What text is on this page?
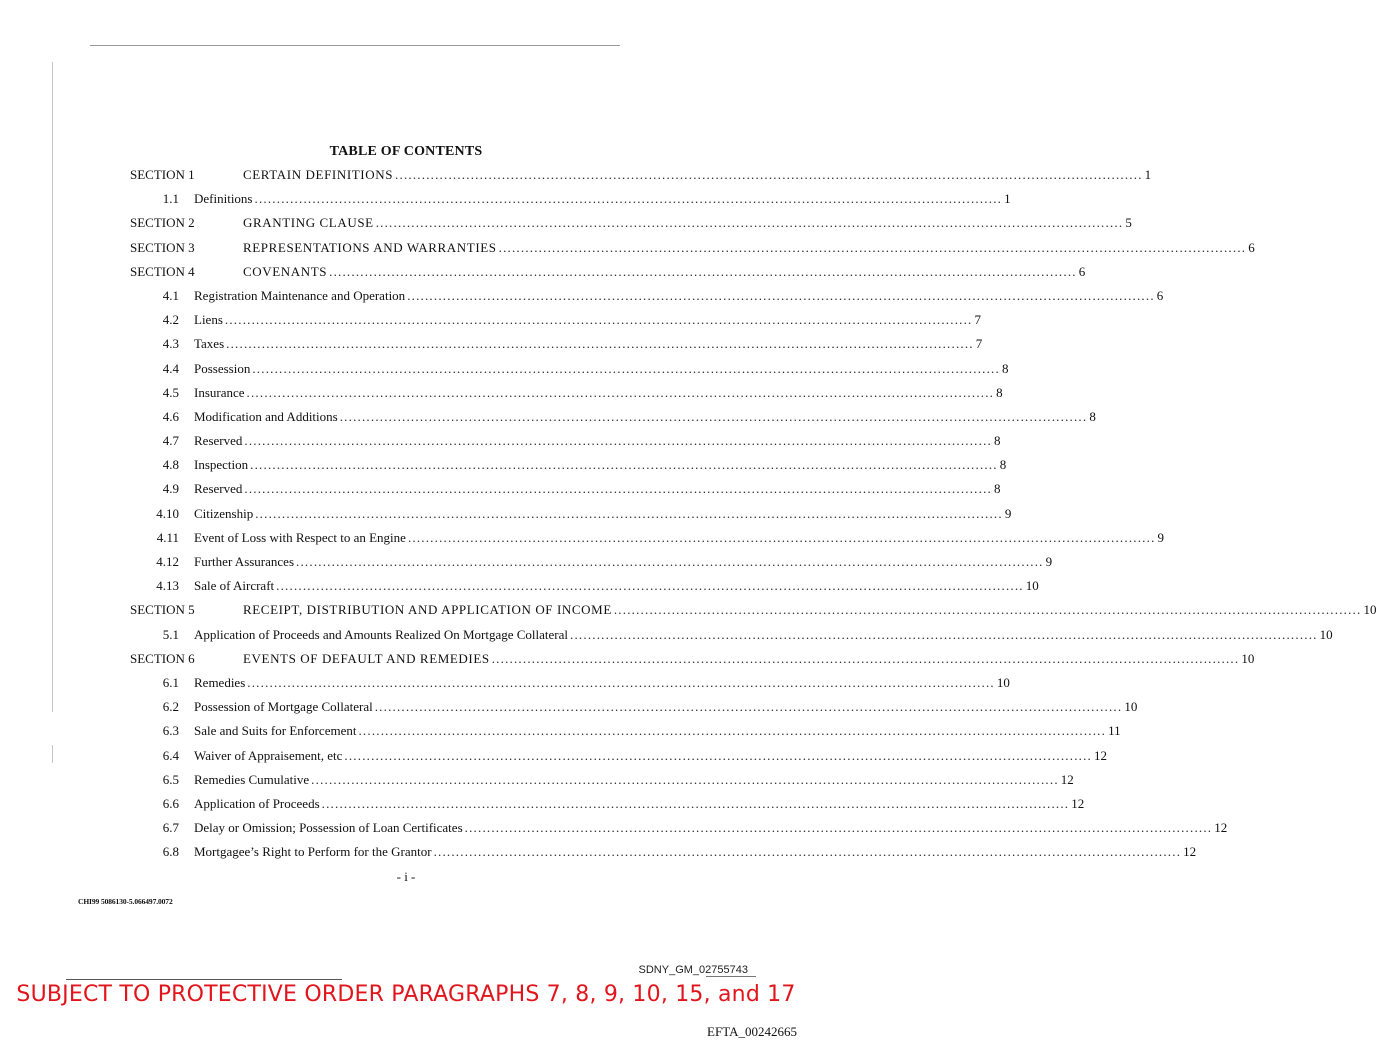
TABLE OF CONTENTS
SECTION 1	CERTAIN DEFINITIONS ........................................................................................................................................................................ 1
1.1 Definitions ........................................................................................................................................................................ 1
SECTION 2	GRANTING CLAUSE ........................................................................................................................................................................ 5
SECTION 3	REPRESENTATIONS AND WARRANTIES ........................................................................................................................................................................ 6
SECTION 4	COVENANTS ........................................................................................................................................................................ 6
4.1 Registration Maintenance and Operation ........................................................................................................................................................................ 6
4.2 Liens ........................................................................................................................................................................ 7
4.3 Taxes ........................................................................................................................................................................ 7
4.4 Possession ........................................................................................................................................................................ 8
4.5 Insurance ........................................................................................................................................................................ 8
4.6 Modification and Additions ........................................................................................................................................................................ 8
4.7 Reserved ........................................................................................................................................................................ 8
4.8 Inspection ........................................................................................................................................................................ 8
4.9 Reserved ........................................................................................................................................................................ 8
4.10 Citizenship ........................................................................................................................................................................ 9
4.11 Event of Loss with Respect to an Engine ........................................................................................................................................................................ 9
4.12 Further Assurances ........................................................................................................................................................................ 9
4.13 Sale of Aircraft ........................................................................................................................................................................ 10
SECTION 5	RECEIPT, DISTRIBUTION AND APPLICATION OF INCOME ........................................................................................................................................................................ 10
5.1 Application of Proceeds and Amounts Realized On Mortgage Collateral ........................................................................................................................................................................ 10
SECTION 6	EVENTS OF DEFAULT AND REMEDIES ........................................................................................................................................................................ 10
6.1 Remedies ........................................................................................................................................................................ 10
6.2 Possession of Mortgage Collateral ........................................................................................................................................................................ 10
6.3 Sale and Suits for Enforcement ........................................................................................................................................................................ 11
6.4 Waiver of Appraisement, etc ........................................................................................................................................................................ 12
6.5 Remedies Cumulative ........................................................................................................................................................................ 12
6.6 Application of Proceeds ........................................................................................................................................................................ 12
6.7 Delay or Omission; Possession of Loan Certificates ........................................................................................................................................................................ 12
6.8 Mortgagee’s Right to Perform for the Grantor ........................................................................................................................................................................ 12
- i -
CHI99 5086130-5.066497.0072
SDNY_GM_02755743
SUBJECT TO PROTECTIVE ORDER PARAGRAPHS 7, 8, 9, 10, 15, and 17
EFTA_00242665
